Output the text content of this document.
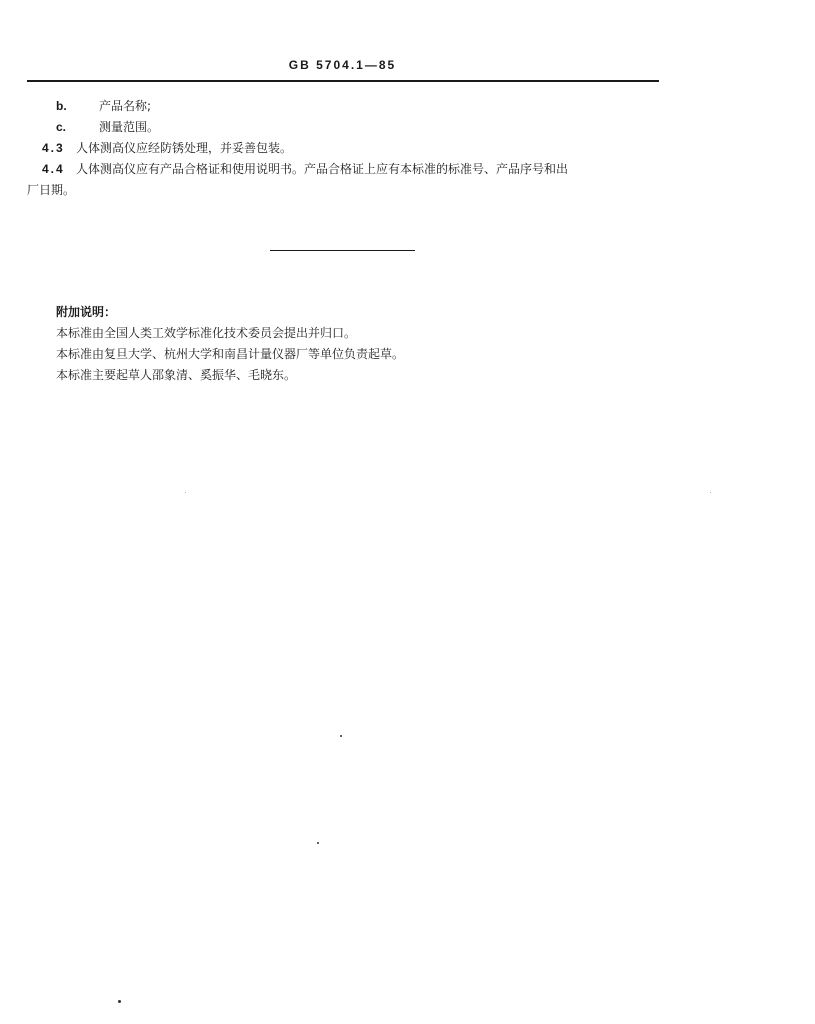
GB 5704.1—85
b.	产品名称;
c.	测量范围。
4.3 人体测高仪应经防锈处理，并妥善包装。
4.4 人体测高仪应有产品合格证和使用说明书。产品合格证上应有本标准的标准号、产品序号和出
厂日期。
附加说明：
本标准由全国人类工效学标准化技术委员会提出并归口。
本标准由复旦大学、杭州大学和南昌计量仪器厂等单位负责起草。
本标准主要起草人邵象清、奚振华、毛晓东。
